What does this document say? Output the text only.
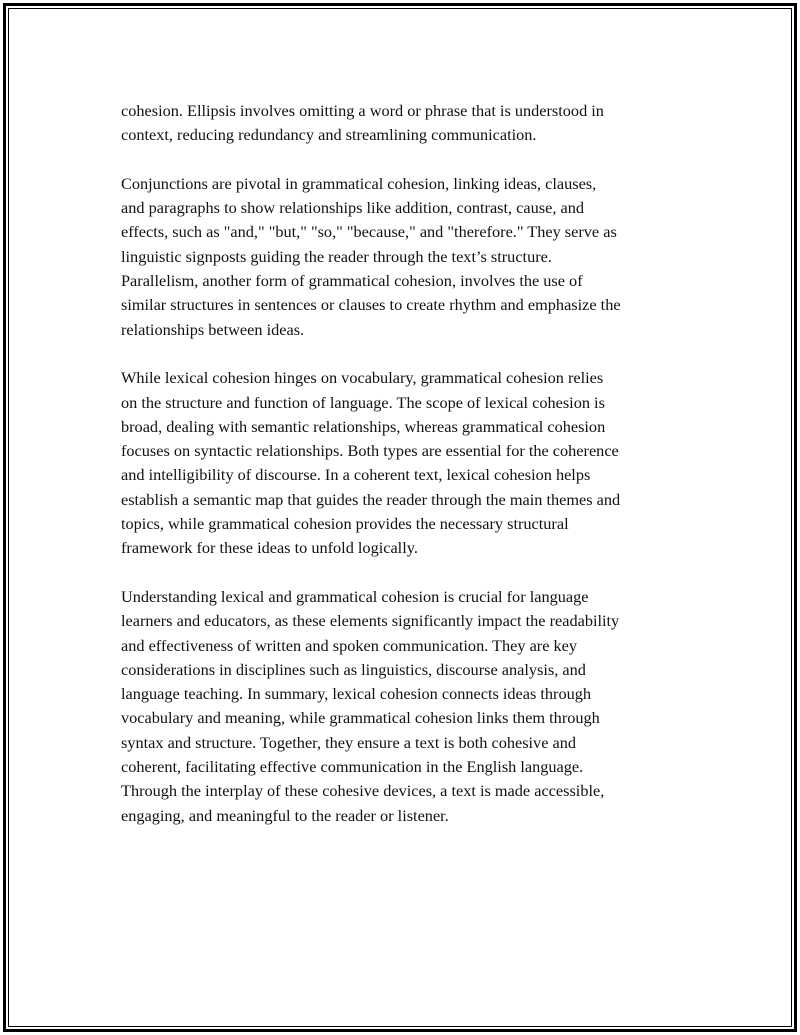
cohesion. Ellipsis involves omitting a word or phrase that is understood in
context, reducing redundancy and streamlining communication.

Conjunctions are pivotal in grammatical cohesion, linking ideas, clauses,
and paragraphs to show relationships like addition, contrast, cause, and
effects, such as "and," "but," "so," "because," and "therefore." They serve as
linguistic signposts guiding the reader through the text’s structure.
Parallelism, another form of grammatical cohesion, involves the use of
similar structures in sentences or clauses to create rhythm and emphasize the
relationships between ideas.

While lexical cohesion hinges on vocabulary, grammatical cohesion relies
on the structure and function of language. The scope of lexical cohesion is
broad, dealing with semantic relationships, whereas grammatical cohesion
focuses on syntactic relationships. Both types are essential for the coherence
and intelligibility of discourse. In a coherent text, lexical cohesion helps
establish a semantic map that guides the reader through the main themes and
topics, while grammatical cohesion provides the necessary structural
framework for these ideas to unfold logically.

Understanding lexical and grammatical cohesion is crucial for language
learners and educators, as these elements significantly impact the readability
and effectiveness of written and spoken communication. They are key
considerations in disciplines such as linguistics, discourse analysis, and
language teaching. In summary, lexical cohesion connects ideas through
vocabulary and meaning, while grammatical cohesion links them through
syntax and structure. Together, they ensure a text is both cohesive and
coherent, facilitating effective communication in the English language.
Through the interplay of these cohesive devices, a text is made accessible,
engaging, and meaningful to the reader or listener.
